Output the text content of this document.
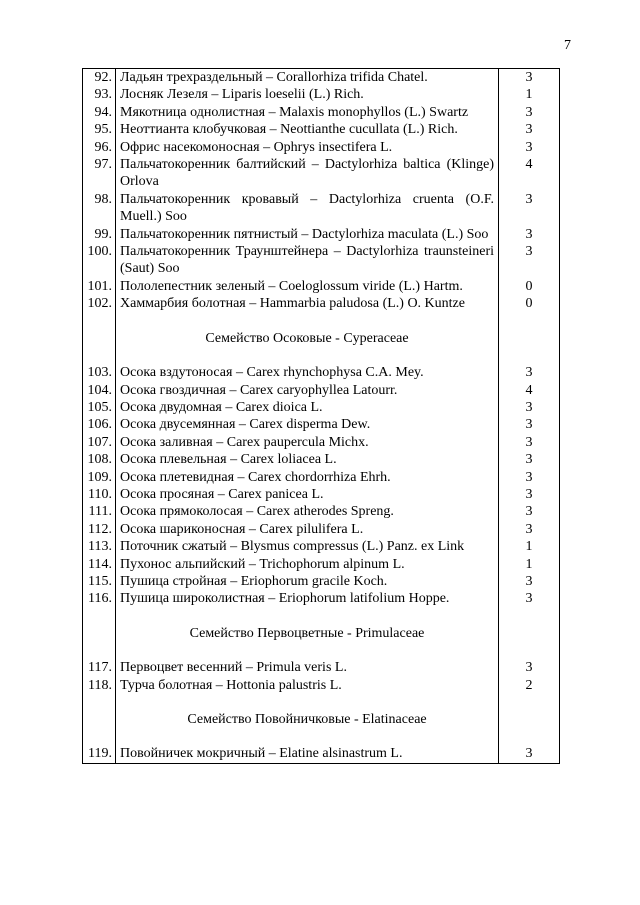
7
92.	Ладьян трехраздельный – Corallorhiza trifida Chatel.	3
93.	Лосняк Лезеля – Liparis loeselii (L.) Rich.	1
94.	Мякотница однолистная – Malaxis monophyllos (L.) Swartz	3
95.	Неоттианта клобучковая – Neottianthe cucullata (L.) Rich.	3
96.	Офрис насекомоносная – Ophrys insectifera L.	3
97.	Пальчатокоренник балтийский – Dactylorhiza baltica (Klinge) Orlova	4
98.	Пальчатокоренник кровавый – Dactylorhiza cruenta (O.F. Muell.) Soo	3
99.	Пальчатокоренник пятнистый – Dactylorhiza maculata (L.) Soo	3
100.	Пальчатокоренник Траунштейнера – Dactylorhiza traunsteineri (Saut) Soo	3
101.	Пололепестник зеленый – Coeloglossum viride (L.) Hartm.	0
102.	Хаммарбия болотная – Hammarbia paludosa (L.) O. Kuntze	0
	Семейство Осоковые - Cyperaceae	
103.	Осока вздутоносая – Carex rhynchophysa C.A. Mey.	3
104.	Осока гвоздичная – Carex caryophyllea Latourr.	4
105.	Осока двудомная – Carex dioica L.	3
106.	Осока двусемянная – Carex disperma Dew.	3
107.	Осока заливная – Carex paupercula Michx.	3
108.	Осока плевельная – Carex loliacea L.	3
109.	Осока плетевидная – Carex chordorrhiza Ehrh.	3
110.	Осока просяная – Carex panicea L.	3
111.	Осока прямоколосая – Carex atherodes Spreng.	3
112.	Осока шариконосная – Carex pilulifera L.	3
113.	Поточник сжатый – Blysmus compressus (L.) Panz. ex Link	1
114.	Пухонос альпийский – Trichophorum alpinum L.	1
115.	Пушица стройная – Eriophorum gracile Koch.	3
116.	Пушица широколистная – Eriophorum latifolium Hoppe.	3
	Семейство Первоцветные - Primulaceae	
117.	Первоцвет весенний – Primula veris L.	3
118.	Турча болотная – Hottonia palustris L.	2
	Семейство Повойничковые - Elatinaceae	
119.	Повойничек мокричный – Elatine alsinastrum L.	3
